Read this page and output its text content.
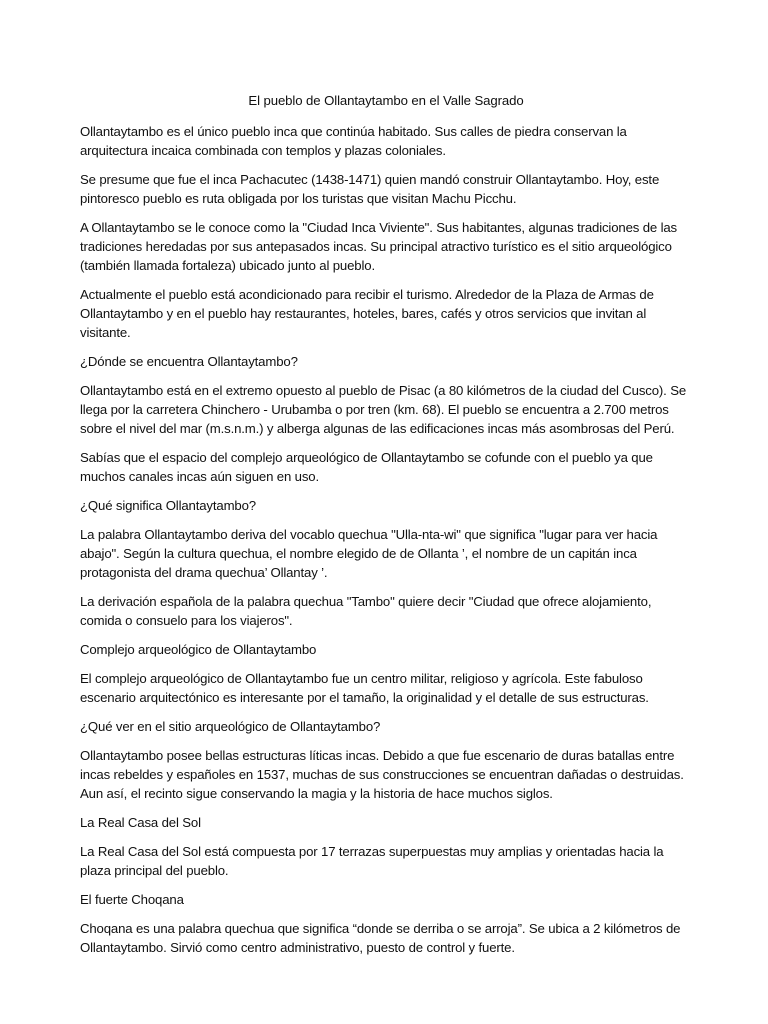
El pueblo de Ollantaytambo en el Valle Sagrado

Ollantaytambo es el único pueblo inca que continúa habitado. Sus calles de piedra conservan la arquitectura incaica combinada con templos y plazas coloniales.

Se presume que fue el inca Pachacutec (1438-1471) quien mandó construir Ollantaytambo. Hoy, este pintoresco pueblo es ruta obligada por los turistas que visitan Machu Picchu.

A Ollantaytambo se le conoce como la "Ciudad Inca Viviente". Sus habitantes, algunas tradiciones de las tradiciones heredadas por sus antepasados incas. Su principal atractivo turístico es el sitio arqueológico (también llamada fortaleza) ubicado junto al pueblo.

Actualmente el pueblo está acondicionado para recibir el turismo. Alrededor de la Plaza de Armas de Ollantaytambo y en el pueblo hay restaurantes, hoteles, bares, cafés y otros servicios que invitan al visitante.

¿Dónde se encuentra Ollantaytambo?

Ollantaytambo está en el extremo opuesto al pueblo de Pisac (a 80 kilómetros de la ciudad del Cusco). Se llega por la carretera Chinchero - Urubamba o por tren (km. 68). El pueblo se encuentra a 2.700 metros sobre el nivel del mar (m.s.n.m.) y alberga algunas de las edificaciones incas más asombrosas del Perú.

Sabías que el espacio del complejo arqueológico de Ollantaytambo se cofunde con el pueblo ya que muchos canales incas aún siguen en uso.

¿Qué significa Ollantaytambo?

La palabra Ollantaytambo deriva del vocablo quechua "Ulla-nta-wi" que significa "lugar para ver hacia abajo". Según la cultura quechua, el nombre elegido de de Ollanta ’, el nombre de un capitán inca protagonista del drama quechua’ Ollantay ’.

La derivación española de la palabra quechua "Tambo" quiere decir "Ciudad que ofrece alojamiento, comida o consuelo para los viajeros".

Complejo arqueológico de Ollantaytambo

El complejo arqueológico de Ollantaytambo fue un centro militar, religioso y agrícola. Este fabuloso escenario arquitectónico es interesante por el tamaño, la originalidad y el detalle de sus estructuras.

¿Qué ver en el sitio arqueológico de Ollantaytambo?

Ollantaytambo posee bellas estructuras líticas incas. Debido a que fue escenario de duras batallas entre incas rebeldes y españoles en 1537, muchas de sus construcciones se encuentran dañadas o destruidas. Aun así, el recinto sigue conservando la magia y la historia de hace muchos siglos.

La Real Casa del Sol

La Real Casa del Sol está compuesta por 17 terrazas superpuestas muy amplias y orientadas hacia la plaza principal del pueblo.

El fuerte Choqana

Choqana es una palabra quechua que significa “donde se derriba o se arroja”. Se ubica a 2 kilómetros de Ollantaytambo. Sirvió como centro administrativo, puesto de control y fuerte.
